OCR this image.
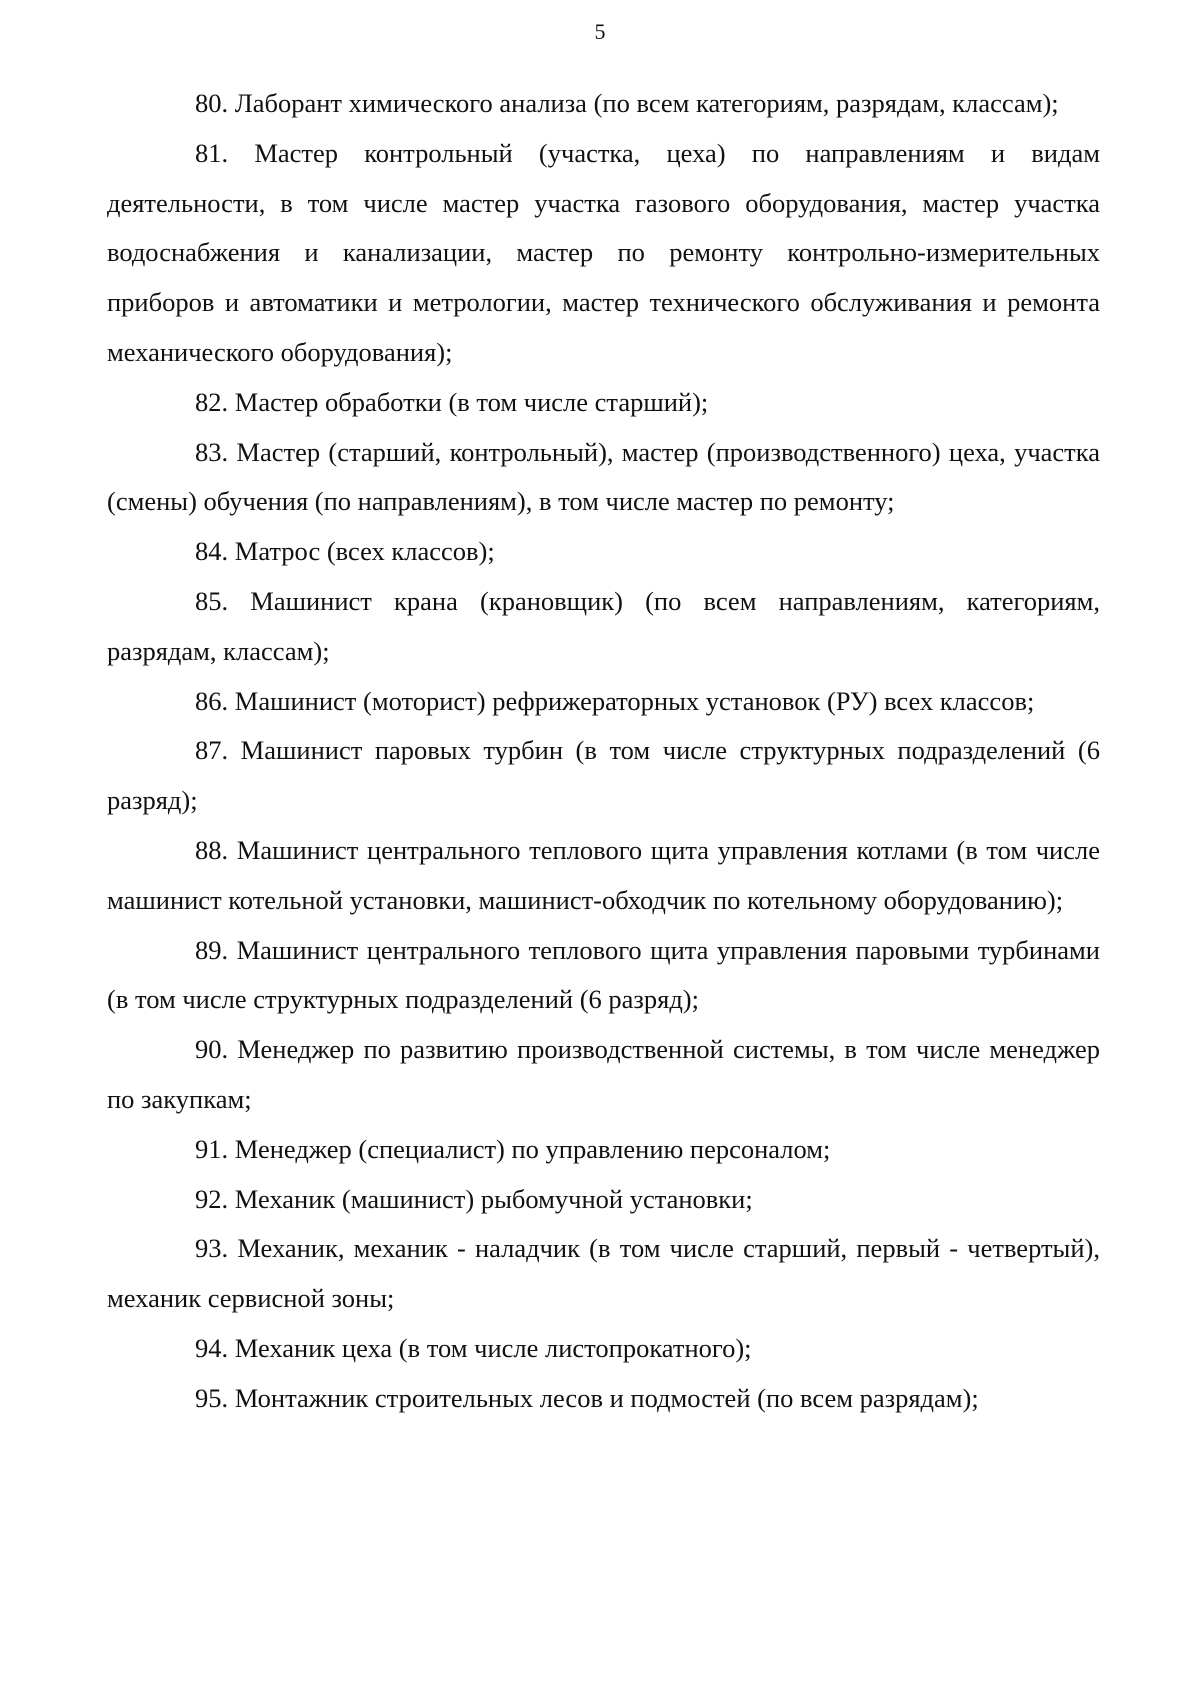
5

80. Лаборант химического анализа (по всем категориям, разрядам, классам);

81. Мастер контрольный (участка, цеха) по направлениям и видам деятельности, в том числе мастер участка газового оборудования, мастер участка водоснабжения и канализации, мастер по ремонту контрольно-измерительных приборов и автоматики и метрологии, мастер технического обслуживания и ремонта механического оборудования);

82. Мастер обработки (в том числе старший);

83. Мастер (старший, контрольный), мастер (производственного) цеха, участка (смены) обучения (по направлениям), в том числе мастер по ремонту;

84. Матрос (всех классов);

85. Машинист крана (крановщик) (по всем направлениям, категориям, разрядам, классам);

86. Машинист (моторист) рефрижераторных установок (РУ) всех классов;

87. Машинист паровых турбин (в том числе структурных подразделений (6 разряд);

88. Машинист центрального теплового щита управления котлами (в том числе машинист котельной установки, машинист-обходчик по котельному оборудованию);

89. Машинист центрального теплового щита управления паровыми турбинами (в том числе структурных подразделений (6 разряд);

90. Менеджер по развитию производственной системы, в том числе менеджер по закупкам;

91. Менеджер (специалист) по управлению персоналом;

92. Механик (машинист) рыбомучной установки;

93. Механик, механик - наладчик (в том числе старший, первый - четвертый), механик сервисной зоны;

94. Механик цеха (в том числе листопрокатного);

95. Монтажник строительных лесов и подмостей (по всем разрядам);
